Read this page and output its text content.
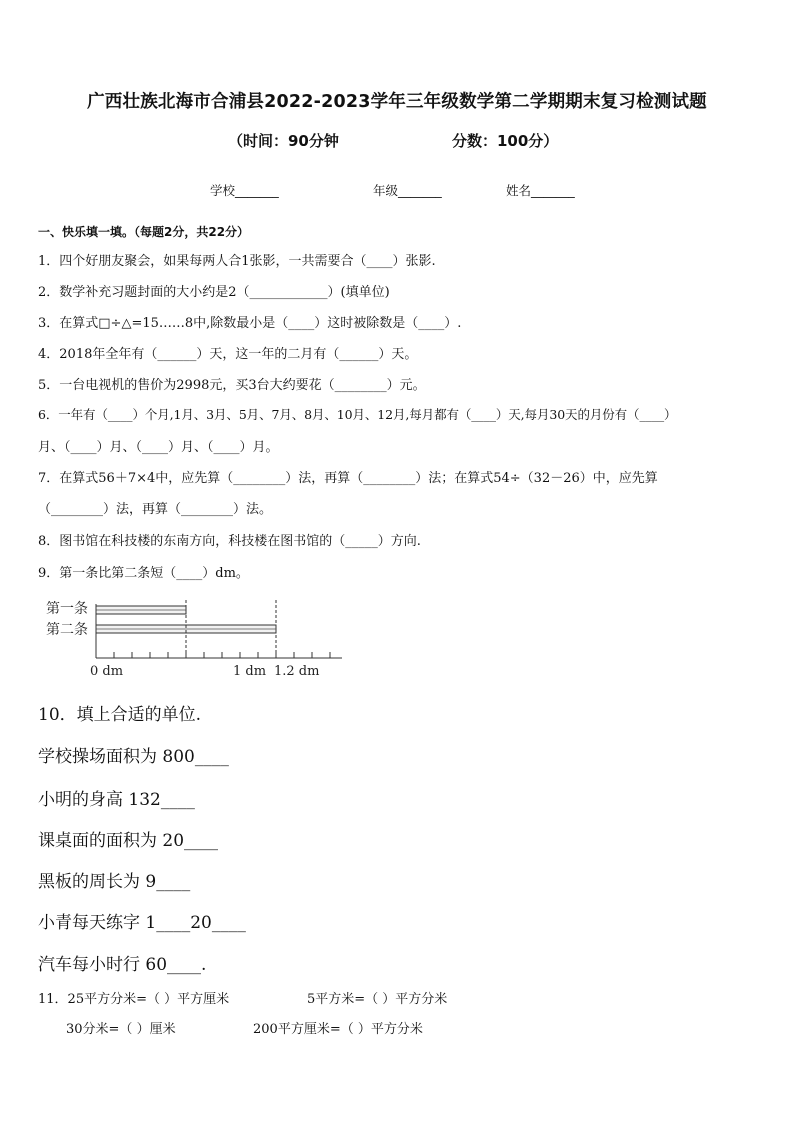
广西壮族北海市合浦县2022-2023学年三年级数学第二学期期末复习检测试题
（时间：90分钟	分数：100分）
学校_______	年级_______	姓名_______
一、快乐填一填。（每题2分，共22分）
1．四个好朋友聚会，如果每两人合1张影，一共需要合（____）张影.
2．数学补充习题封面的大小约是2（____________）(填单位)
3．在算式□÷△=15……8中,除数最小是（____）这时被除数是（____）.
4．2018年全年有（______）天，这一年的二月有（______）天。
5．一台电视机的售价为2998元，买3台大约要花（________）元。
6．一年有（____）个月,1月、3月、5月、7月、8月、10月、12月,每月都有（____）天,每月30天的月份有（____）
月、（____）月、（____）月、（____）月。
7．在算式56＋7×4中，应先算（________）法，再算（________）法；在算式54÷（32－26）中，应先算
（________）法，再算（________）法。
8．图书馆在科技楼的东南方向，科技楼在图书馆的（_____）方向.
9．第一条比第二条短（____）dm。
第一条
第二条
0 dm	1 dm 1.2 dm
10．填上合适的单位.
学校操场面积为 800____
小明的身高 132____
课桌面的面积为 20____
黑板的周长为 9____
小青每天练字 1____20____
汽车每小时行 60____.
11．25平方分米=（ ）平方厘米	5平方米=（ ）平方分米
30分米=（ ）厘米	200平方厘米=（ ）平方分米
